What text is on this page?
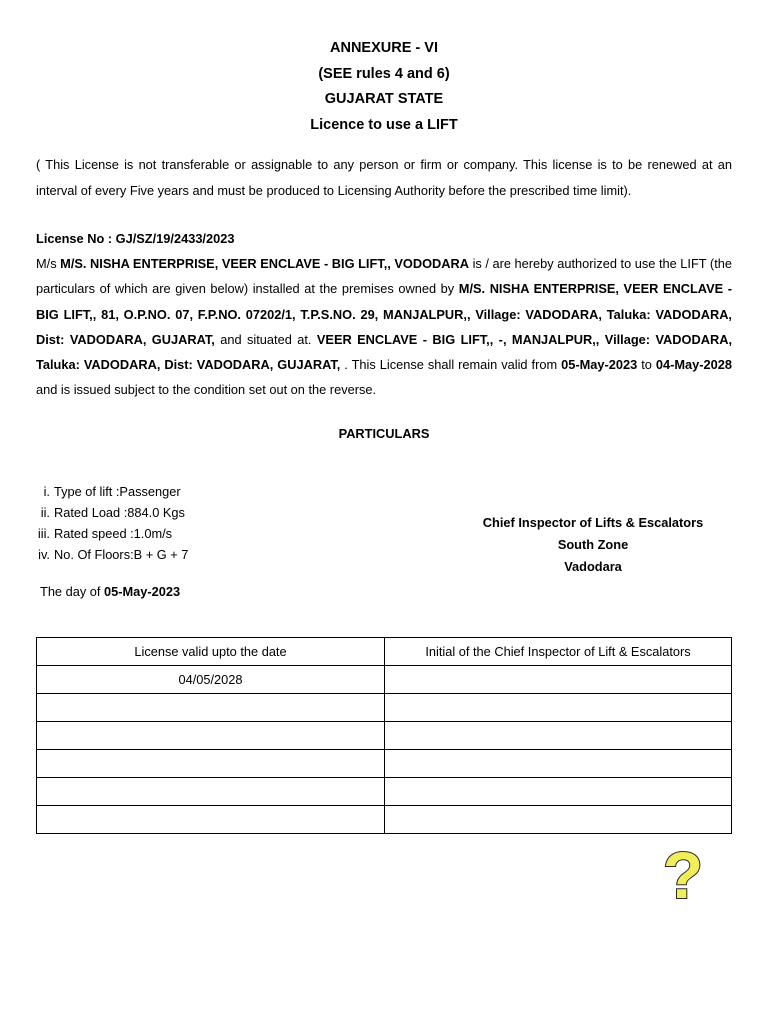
ANNEXURE - VI
(SEE rules 4 and 6)
GUJARAT STATE
Licence to use a LIFT
( This License is not transferable or assignable to any person or firm or company. This license is to be renewed at an interval of every Five years and must be produced to Licensing Authority before the prescribed time limit).
License No : GJ/SZ/19/2433/2023
M/s M/S. NISHA ENTERPRISE, VEER ENCLAVE - BIG LIFT,, VODODARA is / are hereby authorized to use the LIFT (the particulars of which are given below) installed at the premises owned by M/S. NISHA ENTERPRISE, VEER ENCLAVE - BIG LIFT,, 81, O.P.NO. 07, F.P.NO. 07202/1, T.P.S.NO. 29, MANJALPUR,, Village: VADODARA, Taluka: VADODARA, Dist: VADODARA, GUJARAT, and situated at. VEER ENCLAVE - BIG LIFT,, -, MANJALPUR,, Village: VADODARA, Taluka: VADODARA, Dist: VADODARA, GUJARAT, . This License shall remain valid from 05-May-2023 to 04-May-2028 and is issued subject to the condition set out on the reverse.
PARTICULARS
i. Type of lift :Passenger
ii. Rated Load :884.0 Kgs
iii. Rated speed :1.0m/s
iv. No. Of Floors:B + G + 7
Chief Inspector of Lifts & Escalators
South Zone
Vadodara
The day of 05-May-2023
License valid upto the date	Initial of the Chief Inspector of Lift & Escalators
04/05/2028	

?
